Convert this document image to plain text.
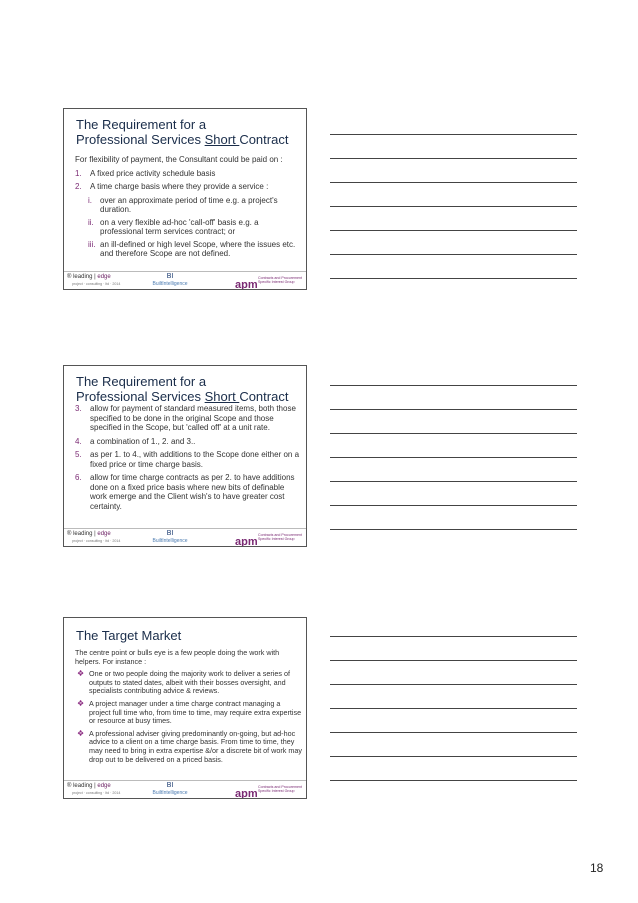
The Requirement for a
Professional Services Short Contract
For flexibility of payment, the Consultant could be paid on :
1. A fixed price activity schedule basis
2. A time charge basis where they provide a service :
i. over an approximate period of time e.g. a project's duration.
ii. on a very flexible ad-hoc 'call-off' basis e.g. a professional term services contract; or
iii. an ill-defined or high level Scope, where the issues etc. and therefore Scope are not defined.
® leading | edge
project · consulting · ltd · 2014
BI
BuiltIntelligence	apm
Contracts and Procurement
Specific Interest Group
The Requirement for a
Professional Services Short Contract
3. allow for payment of standard measured items, both those specified to be done in the original Scope and those specified in the Scope, but 'called off' at a unit rate.
4. a combination of 1., 2. and 3..
5. as per 1. to 4., with additions to the Scope done either on a fixed price or time charge basis.
6. allow for time charge contracts as per 2. to have additions done on a fixed price basis where new bits of definable work emerge and the Client wish's to have greater cost certainty.
® leading | edge
project · consulting · ltd · 2014
BI
BuiltIntelligence	apm
Contracts and Procurement
Specific Interest Group
The Target Market
The centre point or bulls eye is a few people doing the work with helpers. For instance :
❖ One or two people doing the majority work to deliver a series of outputs to stated dates, albeit with their bosses oversight, and specialists contributing advice & reviews.
❖ A project manager under a time charge contract managing a project full time who, from time to time, may require extra expertise or resource at busy times.
❖ A professional adviser giving predominantly on-going, but ad-hoc advice to a client on a time charge basis. From time to time, they may need to bring in extra expertise &/or a discrete bit of work may drop out to be delivered on a priced basis.
® leading | edge
project · consulting · ltd · 2014
BI
BuiltIntelligence	apm
Contracts and Procurement
Specific Interest Group
18
